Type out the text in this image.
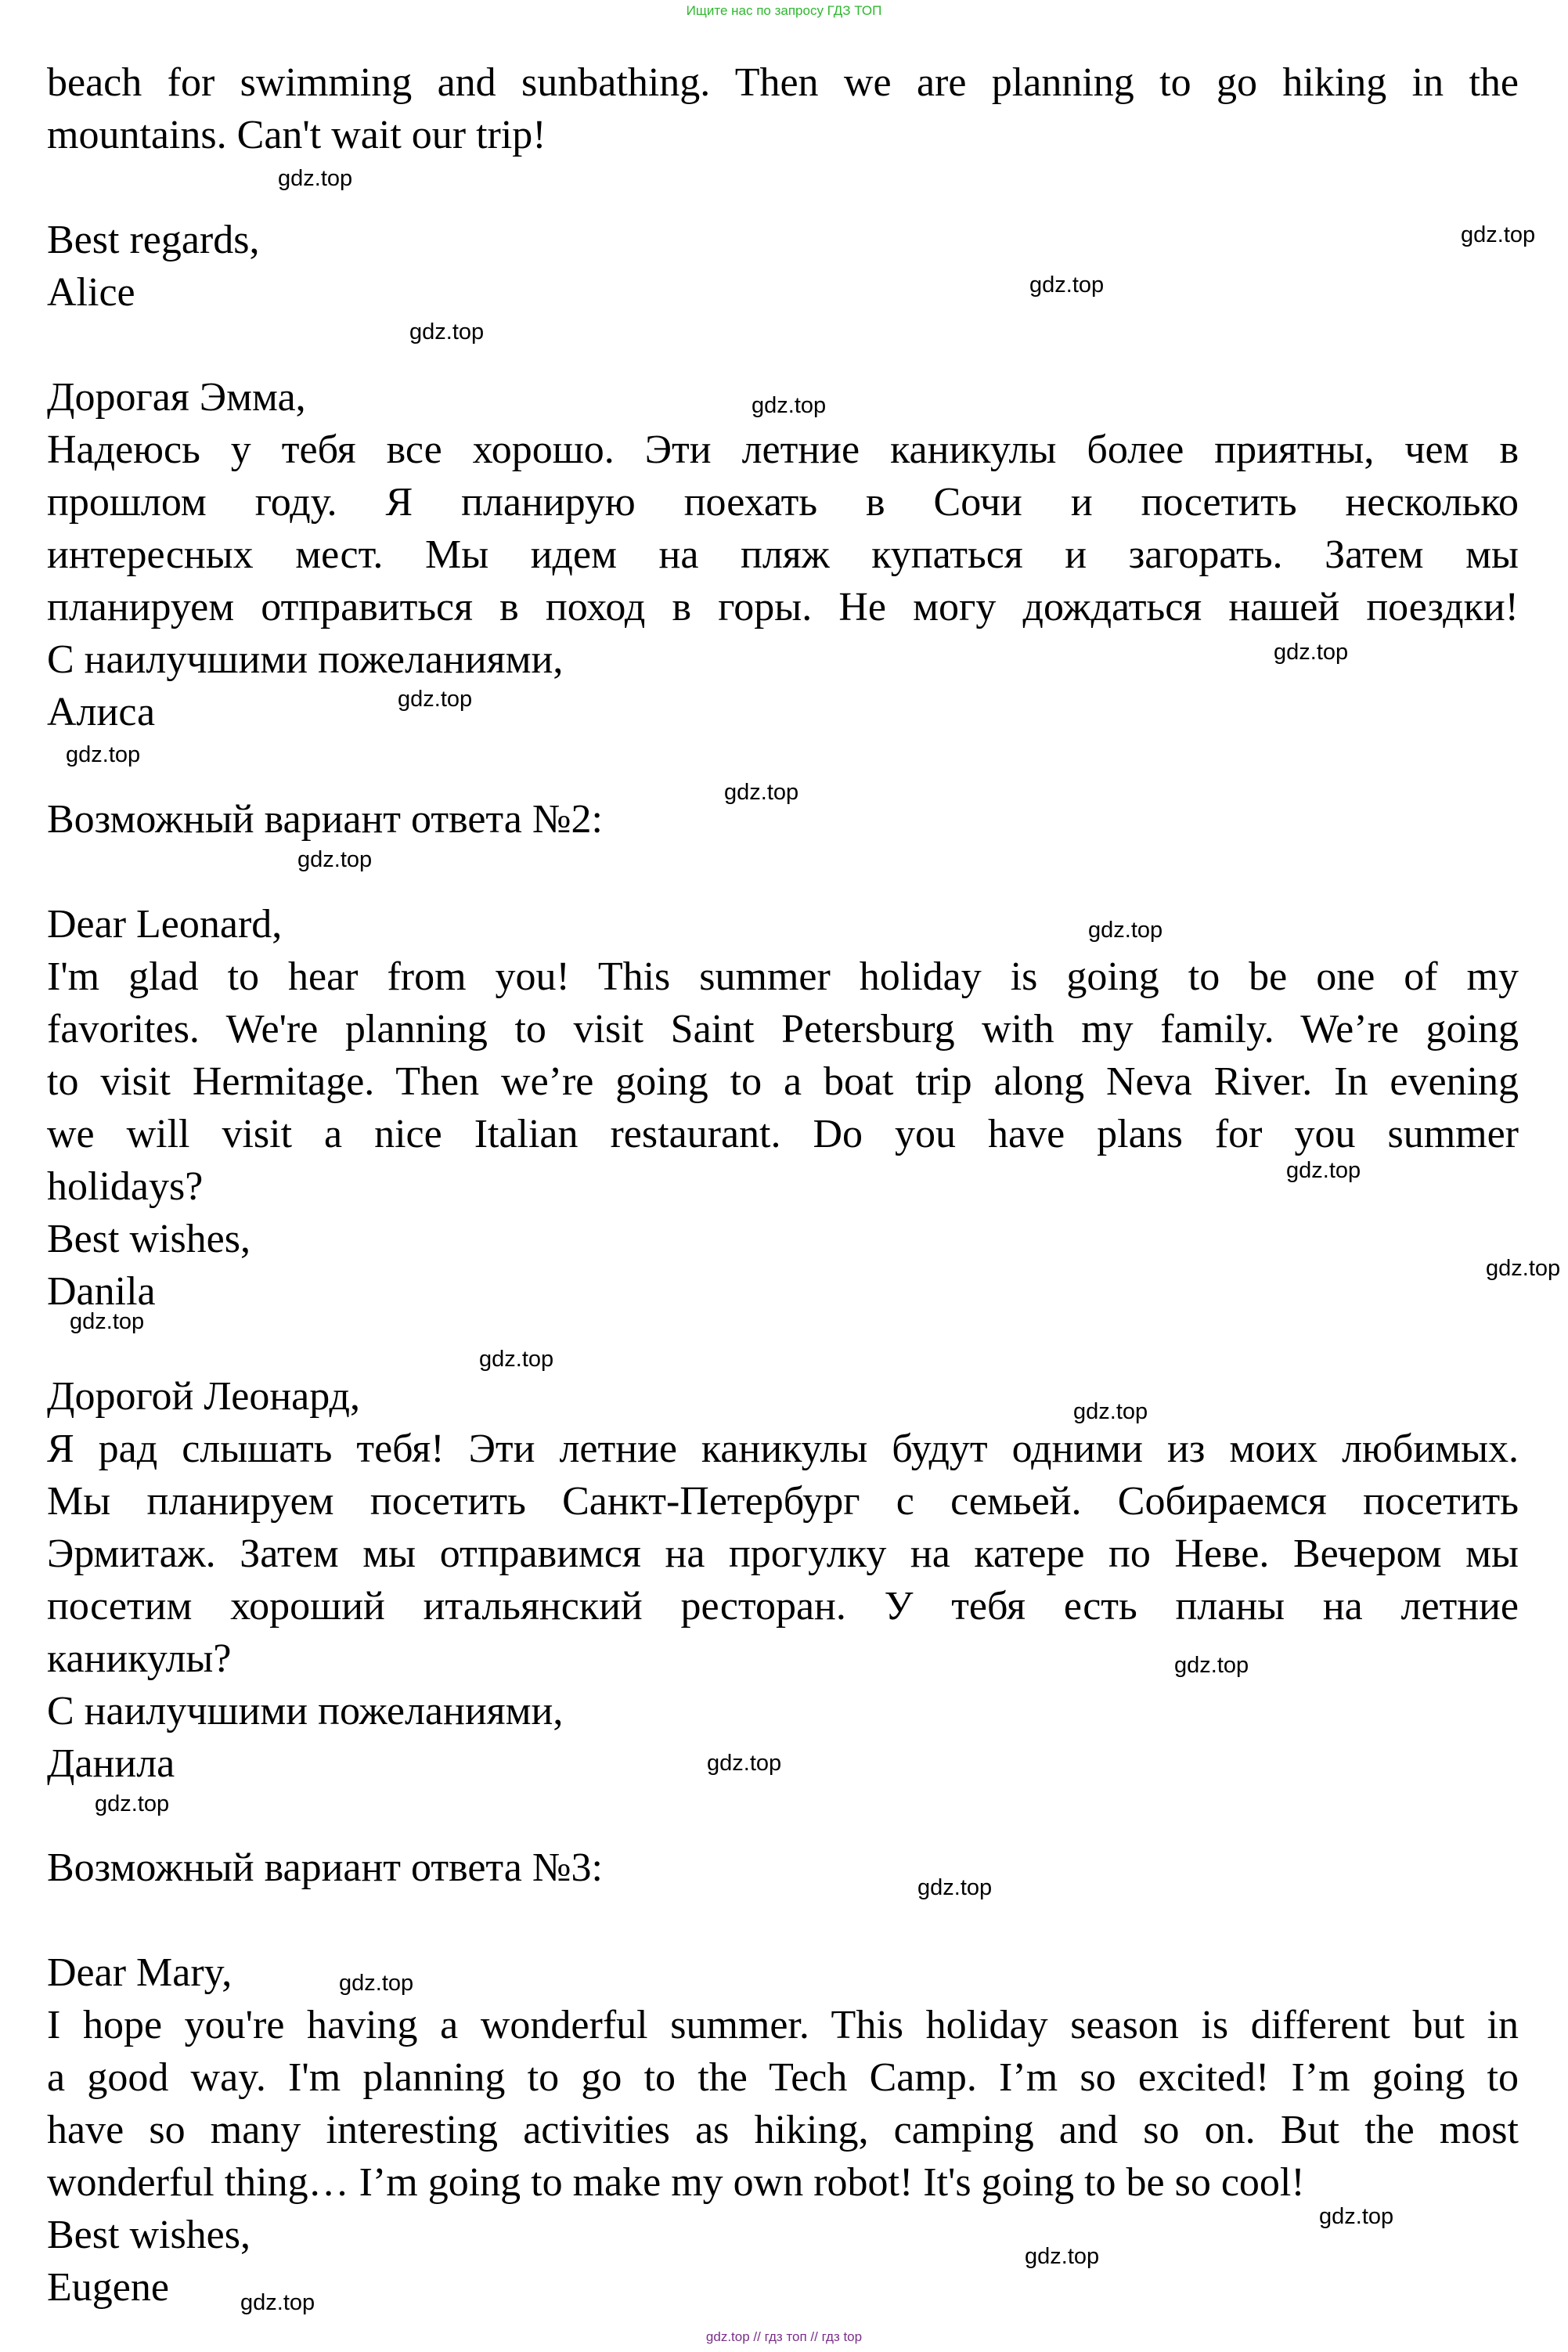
Ищите нас по запросу ГДЗ ТОП
beach for swimming and sunbathing. Then we are planning to go hiking in the
mountains. Can't wait our trip!
Best regards,
Alice
Дорогая Эмма,
Надеюсь у тебя все хорошо. Эти летние каникулы более приятны, чем в
прошлом году. Я планирую поехать в Сочи и посетить несколько
интересных мест. Мы идем на пляж купаться и загорать. Затем мы
планируем отправиться в поход в горы. Не могу дождаться нашей поездки!
С наилучшими пожеланиями,
Алиса
Возможный вариант ответа №2:
Dear Leonard,
I'm glad to hear from you! This summer holiday is going to be one of my
favorites. We're planning to visit Saint Petersburg with my family. We’re going
to visit Hermitage. Then we’re going to a boat trip along Neva River. In evening
we will visit a nice Italian restaurant. Do you have plans for you summer
holidays?
Best wishes,
Danila
Дорогой Леонард,
Я рад слышать тебя! Эти летние каникулы будут одними из моих любимых.
Мы планируем посетить Санкт-Петербург с семьей. Собираемся посетить
Эрмитаж. Затем мы отправимся на прогулку на катере по Неве. Вечером мы
посетим хороший итальянский ресторан. У тебя есть планы на летние
каникулы?
С наилучшими пожеланиями,
Данила
Возможный вариант ответа №3:
Dear Mary,
I hope you're having a wonderful summer. This holiday season is different but in
a good way. I'm planning to go to the Tech Camp. I’m so excited! I’m going to
have so many interesting activities as hiking, camping and so on. But the most
wonderful thing… I’m going to make my own robot! It's going to be so cool!
Best wishes,
Eugene
gdz.top
gdz.top
gdz.top
gdz.top
gdz.top
gdz.top
gdz.top
gdz.top
gdz.top
gdz.top
gdz.top
gdz.top
gdz.top
gdz.top
gdz.top
gdz.top
gdz.top
gdz.top
gdz.top
gdz.top
gdz.top
gdz.top
gdz.top
gdz.top
gdz.top // гдз топ // гдз top
